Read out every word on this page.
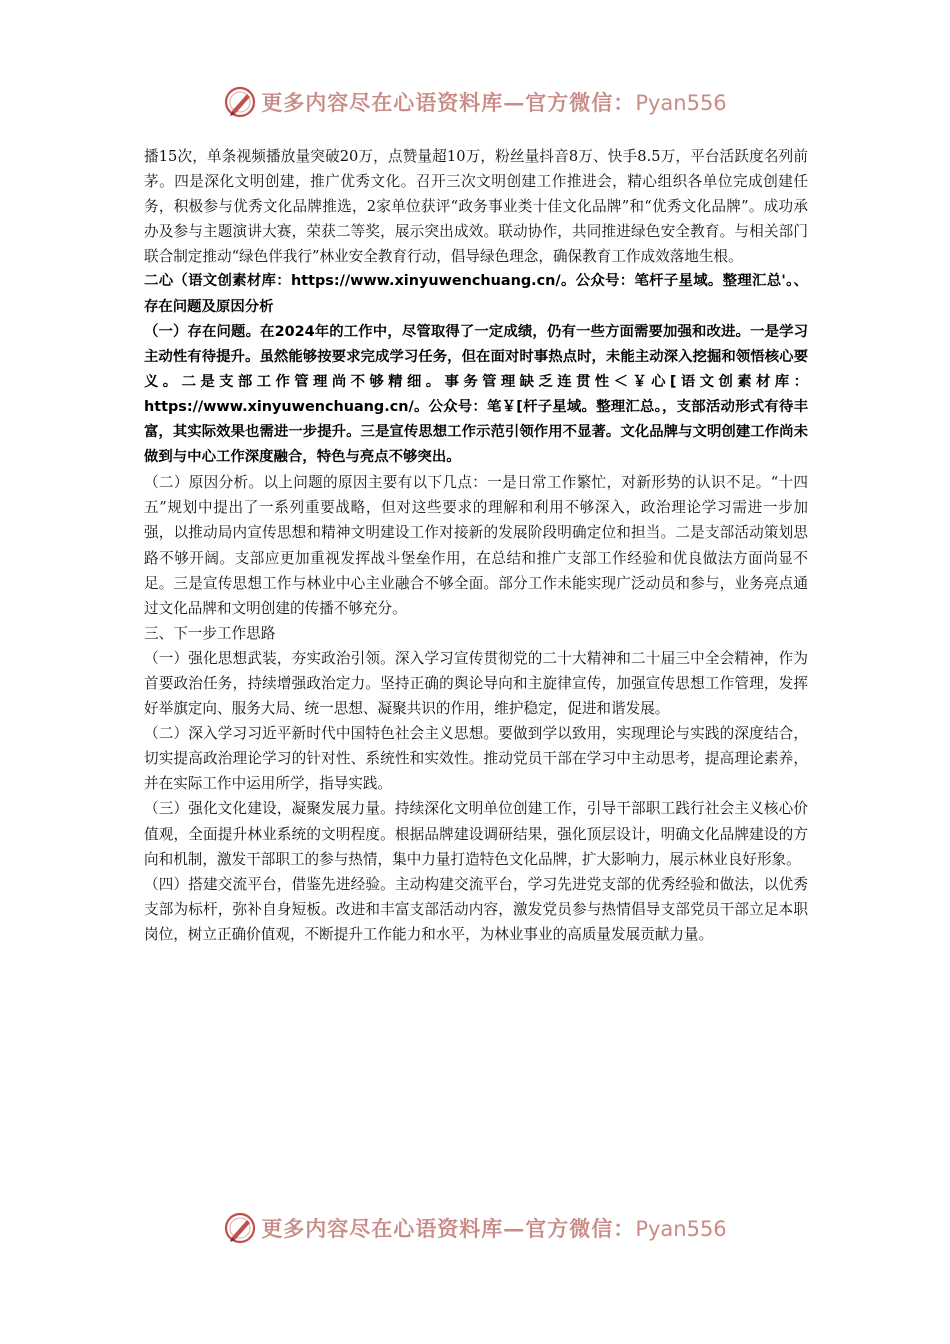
更多内容尽在心语资料库—官方微信：Pyan556

播15次，单条视频播放量突破20万，点赞量超10万，粉丝量抖音8万、快手8.5万，平台活跃度名列前茅。四是深化文明创建，推广优秀文化。召开三次文明创建工作推进会，精心组织各单位完成创建任务，积极参与优秀文化品牌推选，2家单位获评“政务事业类十佳文化品牌”和“优秀文化品牌”。成功承办及参与主题演讲大赛，荣获二等奖，展示突出成效。联动协作，共同推进绿色安全教育。与相关部门联合制定推动“绿色伴我行”林业安全教育行动，倡导绿色理念，确保教育工作成效落地生根。

二心（语文创素材库：https://www.xinyuwenchuang.cn/。公众号：笔杆子星域。整理汇总'。、存在问题及原因分析

（一）存在问题。在2024年的工作中，尽管取得了一定成绩，仍有一些方面需要加强和改进。一是学习主动性有待提升。虽然能够按要求完成学习任务，但在面对时事热点时，未能主动深入挖掘和领悟核心要义。二是支部工作管理尚不够精细。事务管理缺乏连贯性＜￥心[语文创素材库：https://www.xinyuwenchuang.cn/。公众号：笔￥[杆子星域。整理汇总。，支部活动形式有待丰富，其实际效果也需进一步提升。三是宣传思想工作示范引领作用不显著。文化品牌与文明创建工作尚未做到与中心工作深度融合，特色与亮点不够突出。

（二）原因分析。以上问题的原因主要有以下几点：一是日常工作繁忙，对新形势的认识不足。“十四五”规划中提出了一系列重要战略，但对这些要求的理解和利用不够深入，政治理论学习需进一步加强，以推动局内宣传思想和精神文明建设工作对接新的发展阶段明确定位和担当。二是支部活动策划思路不够开阔。支部应更加重视发挥战斗堡垒作用，在总结和推广支部工作经验和优良做法方面尚显不足。三是宣传思想工作与林业中心主业融合不够全面。部分工作未能实现广泛动员和参与，业务亮点通过文化品牌和文明创建的传播不够充分。

三、下一步工作思路

（一）强化思想武装，夯实政治引领。深入学习宣传贯彻党的二十大精神和二十届三中全会精神，作为首要政治任务，持续增强政治定力。坚持正确的舆论导向和主旋律宣传，加强宣传思想工作管理，发挥好举旗定向、服务大局、统一思想、凝聚共识的作用，维护稳定，促进和谐发展。

（二）深入学习习近平新时代中国特色社会主义思想。要做到学以致用，实现理论与实践的深度结合，切实提高政治理论学习的针对性、系统性和实效性。推动党员干部在学习中主动思考，提高理论素养，并在实际工作中运用所学，指导实践。

（三）强化文化建设，凝聚发展力量。持续深化文明单位创建工作，引导干部职工践行社会主义核心价值观，全面提升林业系统的文明程度。根据品牌建设调研结果，强化顶层设计，明确文化品牌建设的方向和机制，激发干部职工的参与热情，集中力量打造特色文化品牌，扩大影响力，展示林业良好形象。

（四）搭建交流平台，借鉴先进经验。主动构建交流平台，学习先进党支部的优秀经验和做法，以优秀支部为标杆，弥补自身短板。改进和丰富支部活动内容，激发党员参与热情倡导支部党员干部立足本职岗位，树立正确价值观，不断提升工作能力和水平，为林业事业的高质量发展贡献力量。

更多内容尽在心语资料库—官方微信：Pyan556
